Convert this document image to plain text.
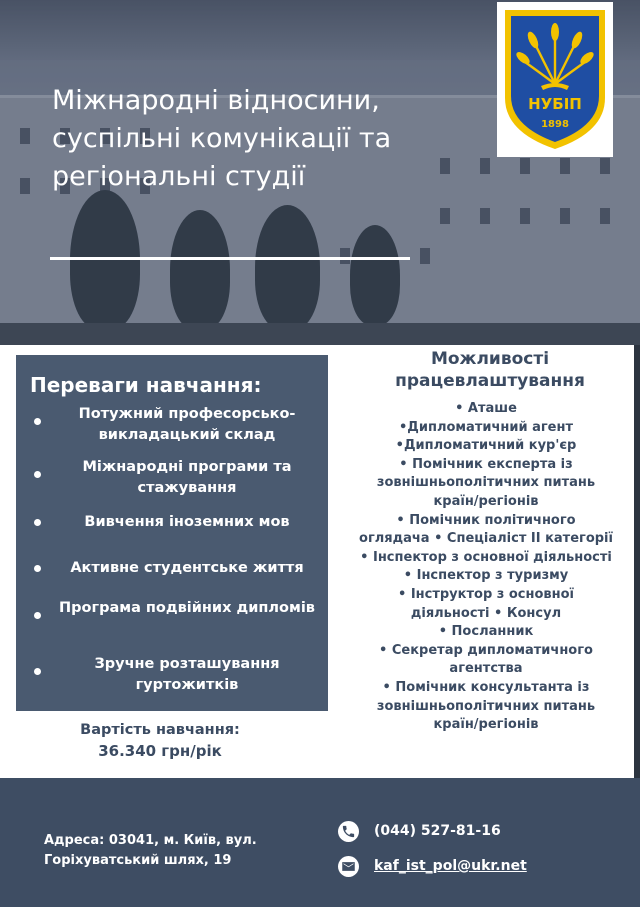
Міжнародні відносини,
суспільні комунікації та
регіональні студії
НУБІП
1898
Переваги навчання:
Потужний професорсько-викладацький склад
Міжнародні програми та стажування
Вивчення іноземних мов
Активне студентське життя
Програма подвійних дипломів
Зручне розташування гуртожитків
Вартість навчання:
36.340 грн/рік
Можливості
працевлаштування
• Аташе
•Дипломатичний агент
•Дипломатичний кур'єр
• Помічник експерта із
зовнішньополітичних питань
країн/регіонів
• Помічник політичного
оглядача • Спеціаліст ІІ категорії
• Інспектор з основної діяльності
• Інспектор з туризму
• Інструктор з основної
діяльності • Консул
• Посланник
• Секретар дипломатичного
агентства
• Помічник консультанта із
зовнішньополітичних питань
країн/регіонів
Адреса: 03041, м. Київ, вул.
Горіхуватський шлях, 19
(044) 527-81-16
kaf_ist_pol@ukr.net
